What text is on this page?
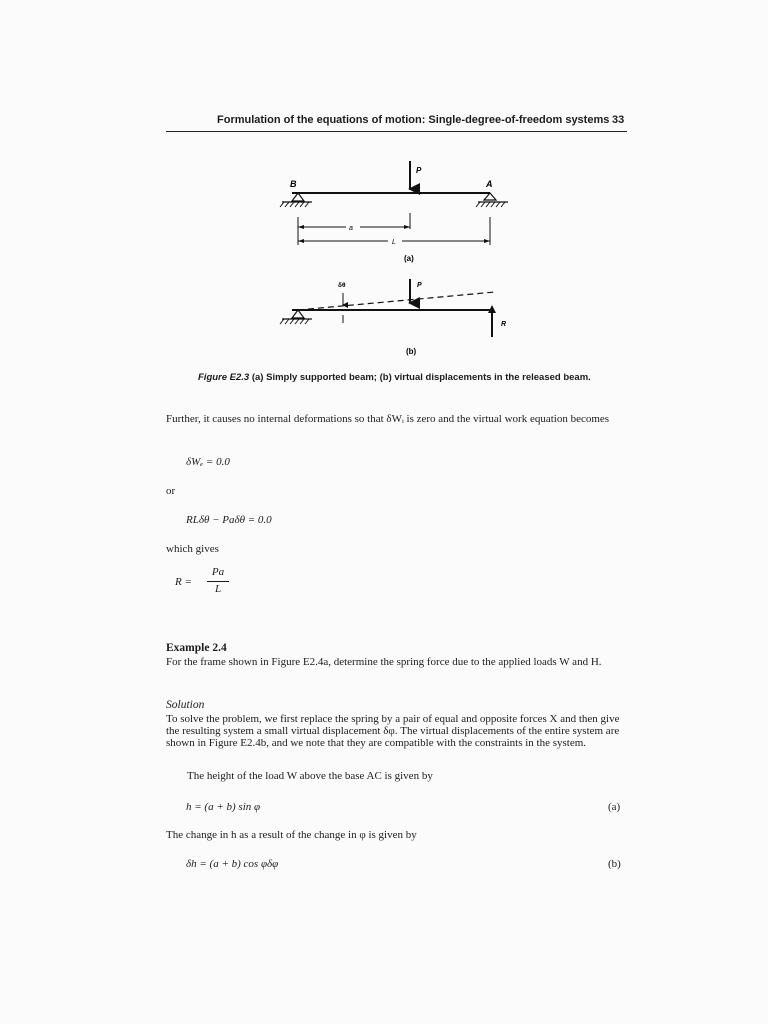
Formulation of the equations of motion: Single-degree-of-freedom systems 33
B	A
P
a
L
(a)
δθ	P
R
(b)
Figure E2.3 (a) Simply supported beam; (b) virtual displacements in the released beam.
Further, it causes no internal deformations so that δWᵢ is zero and the virtual work equation becomes
δWₑ = 0.0
or
RLδθ − Paδθ = 0.0
which gives
R =
Pa
L
Example 2.4
For the frame shown in Figure E2.4a, determine the spring force due to the applied loads W and H.
Solution
To solve the problem, we first replace the spring by a pair of equal and opposite forces X and then give the resulting system a small virtual displacement δφ. The virtual displacements of the entire system are shown in Figure E2.4b, and we note that they are compatible with the constraints in the system.
The height of the load W above the base AC is given by
h = (a + b) sin φ	(a)
The change in h as a result of the change in φ is given by
δh = (a + b) cos φδφ	(b)
